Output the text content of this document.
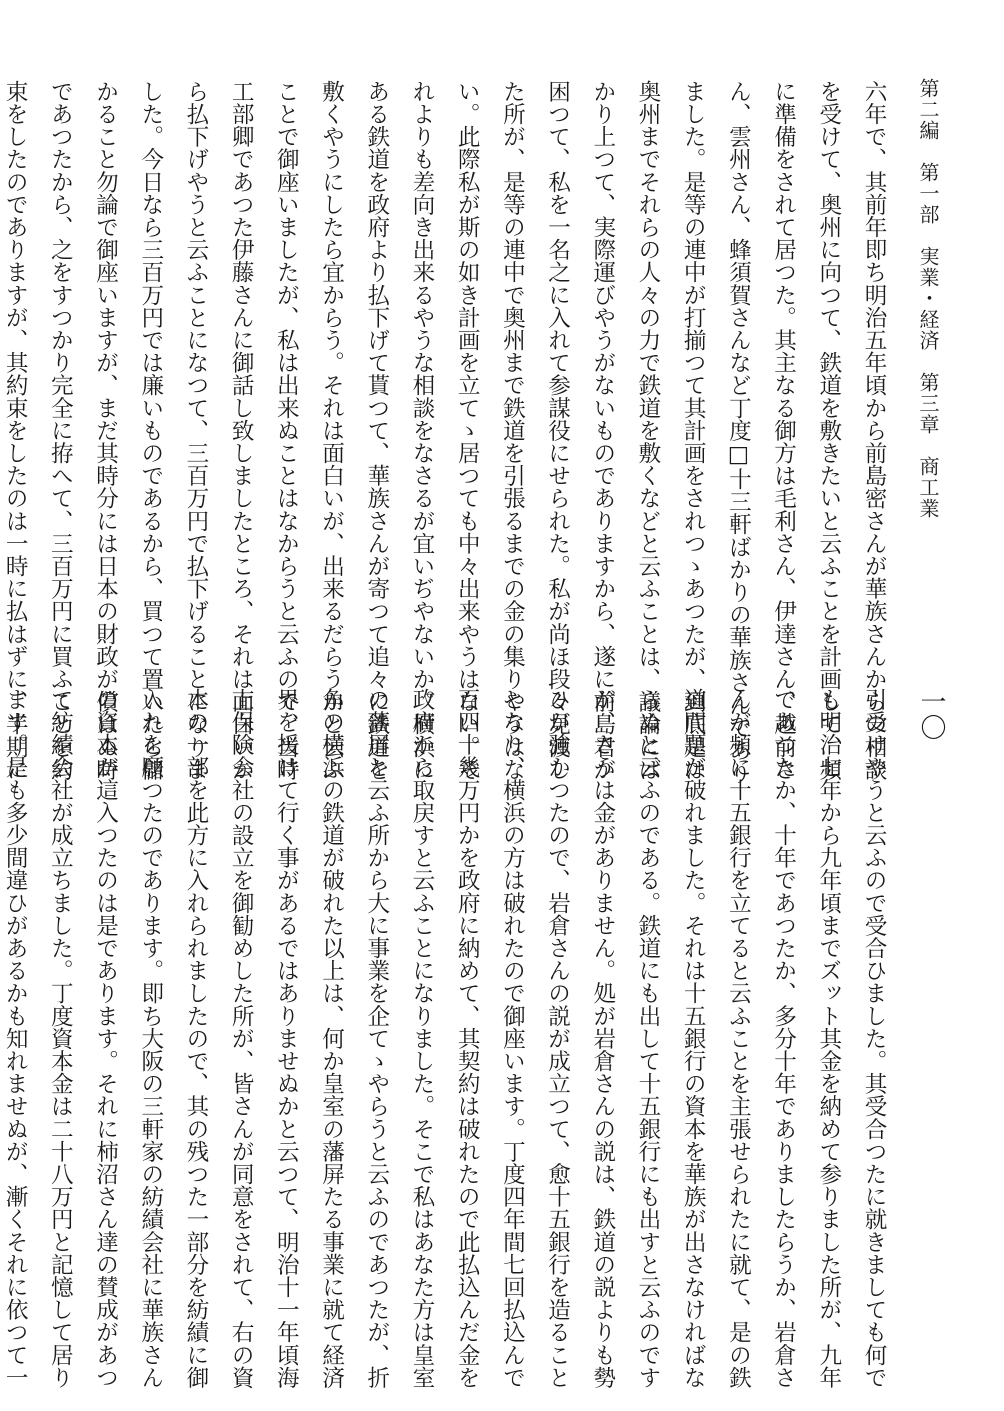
第二編　第一部　実業・経済　第三章　商工業
一〇
六年で、其前年即ち明治五年頃から前島密さんが華族さんからの相談
を受けて、奥州に向つて、鉄道を敷きたいと云ふことを計画して、頻
に準備をされて居つた。其主なる御方は毛利さん、伊達さん、越前さ
ん、雲州さん、蜂須賀さんなど丁度□十三軒ばかりの華族さんであり
ました。是等の連中が打揃つて其計画をされつゝあつたが、到底是は
奥州までそれらの人々の力で鉄道を敷くなどと云ふことは、議論にば
かり上つて、実際運びやうがないものでありますから、遂に前島君が
困つて、私を一名之に入れて参謀役にせられた。私が尚ほ段々見渡し
た所が、是等の連中で奥州まで鉄道を引張るまでの金の集りやうはな
い。此際私が斯の如き計画を立てゝ居つても中々出来やうはない。そ
れよりも差向き出来るやうな相談をなさるが宜いぢやないか。横浜に
ある鉄道を政府より払下げて貰つて、華族さんが寄つて追々に鉄道を
敷くやうにしたら宜からう。それは面白いが、出来るだらうかと云ふ
ことで御座いましたが、私は出来ぬことはなからうと云ふので、当時
工部卿であつた伊藤さんに御話し致しましたところ、それは面白いか
ら払下げやうと云ふことになつて、三百万円で払下げることになりま
した。今日なら三百万円では廉いものであるから、買つて置いたら儲
かること勿論で御座いますが、まだ其時分には日本の財政が償はぬ時
であつたから、之をすつかり完全に拵へて、三百万円に買ふことを約
束をしたのでありますが、其約束をしたのは一時に払はずに、半期に
引受けやうと云ふので受合ひました。其受合つたに就きましても何で
も明治七年から九年頃までズット其金を納めて参りました所が、九年
であつたか、十年であつたか、多分十年でありましたらうか、岩倉さ
んが頻に十五銀行を立てると云ふことを主張せられたに就て、是の鉄
道問題が破れました。それは十五銀行の資本を華族が出さなければな
らぬと云ふのである。鉄道にも出して十五銀行にも出すと云ふのです
が、さうは金がありません。処が岩倉さんの説は、鉄道の説よりも勢
ひが強かつたので、岩倉さんの説が成立つて、愈十五銀行を造ること
となり、横浜の方は破れたので御座います。丁度四年間七回払込んで
百四十幾万円かを政府に納めて、其契約は破れたので此払込んだ金を
政府から取戻すと云ふことになりました。そこで私はあなた方は皇室
の藩屏と云ふ所から大に事業を企てゝやらうと云ふのであつたが、折
角の横浜の鉄道が破れた以上は、何か皇室の藩屏たる事業に就て経済
界を援けて行く事があるではありませぬかと云つて、明治十一年頃海
上保険会社の設立を御勧めした所が、皆さんが同意をされて、右の資
本の一部を此方に入れられましたので、其の残つた一部分を紡績に御
入れを願つたのであります。即ち大阪の三軒家の紡績会社に華族さん
の資本が這入つたのは是であります。それに柿沼さん達の賛成があつ
て紡績会社が成立ちました。丁度資本金は二十八万円と記憶して居り
ます。是も多少間違ひがあるかも知れませぬが、漸くそれに依つて一
